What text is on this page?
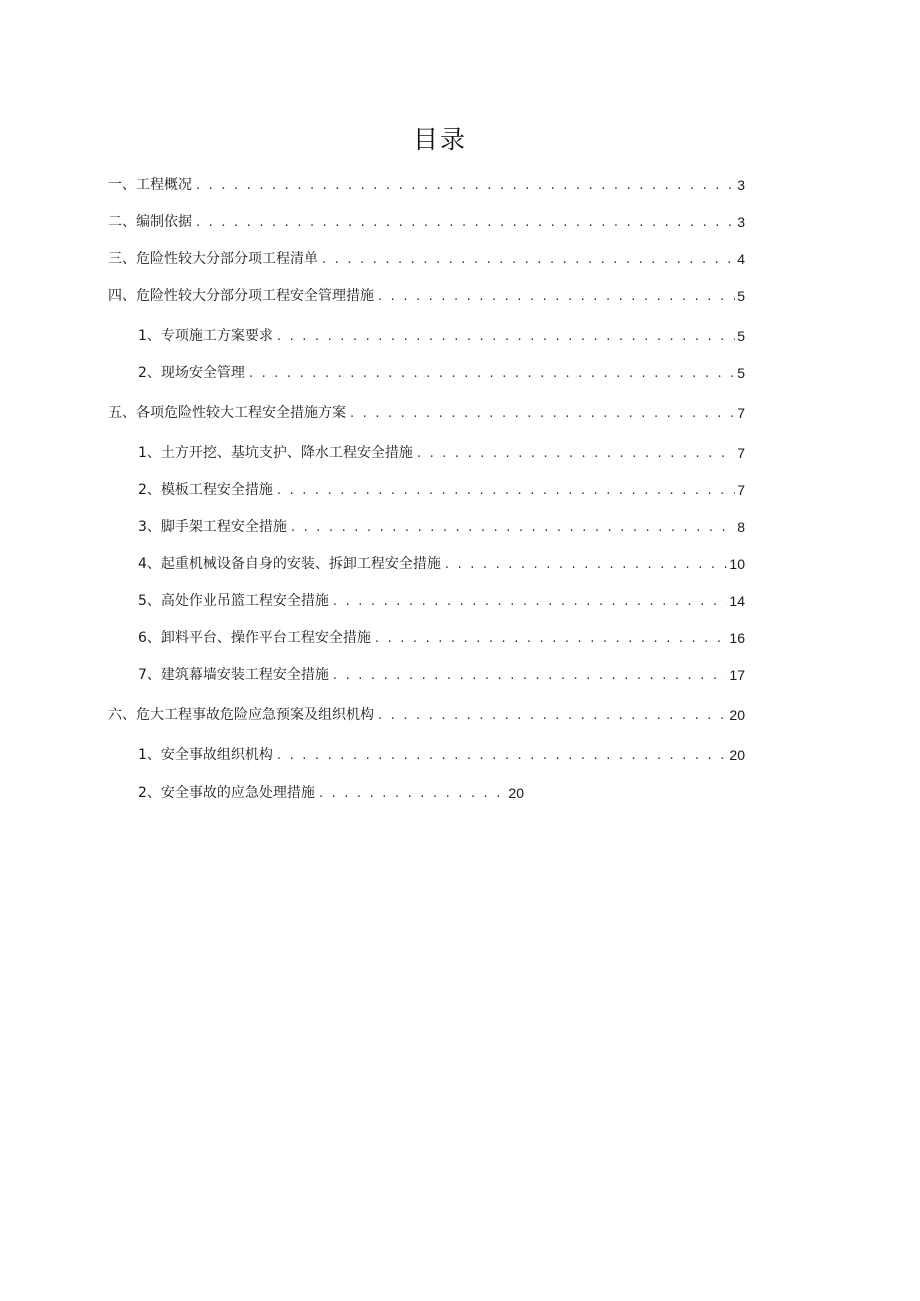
目录
一、工程概况 . . .	3
二、编制依据 . . .	3
三、危险性较大分部分项工程清单 . . .	4
四、危险性较大分部分项工程安全管理措施 . . .	5
1、专项施工方案要求 . . .	5
2、现场安全管理 . . .	5
五、各项危险性较大工程安全措施方案 . . .	7
1、土方开挖、基坑支护、降水工程安全措施 . . .	7
2、模板工程安全措施 . . .	7
3、脚手架工程安全措施 . . .	8
4、起重机械设备自身的安装、拆卸工程安全措施 . . .	10
5、高处作业吊篮工程安全措施 . . .	14
6、卸料平台、操作平台工程安全措施 . . .	16
7、建筑幕墙安装工程安全措施 . . .	17
六、危大工程事故危险应急预案及组织机构 . . .	20
1、安全事故组织机构 . . .	20
2、安全事故的应急处理措施 . . .	20
